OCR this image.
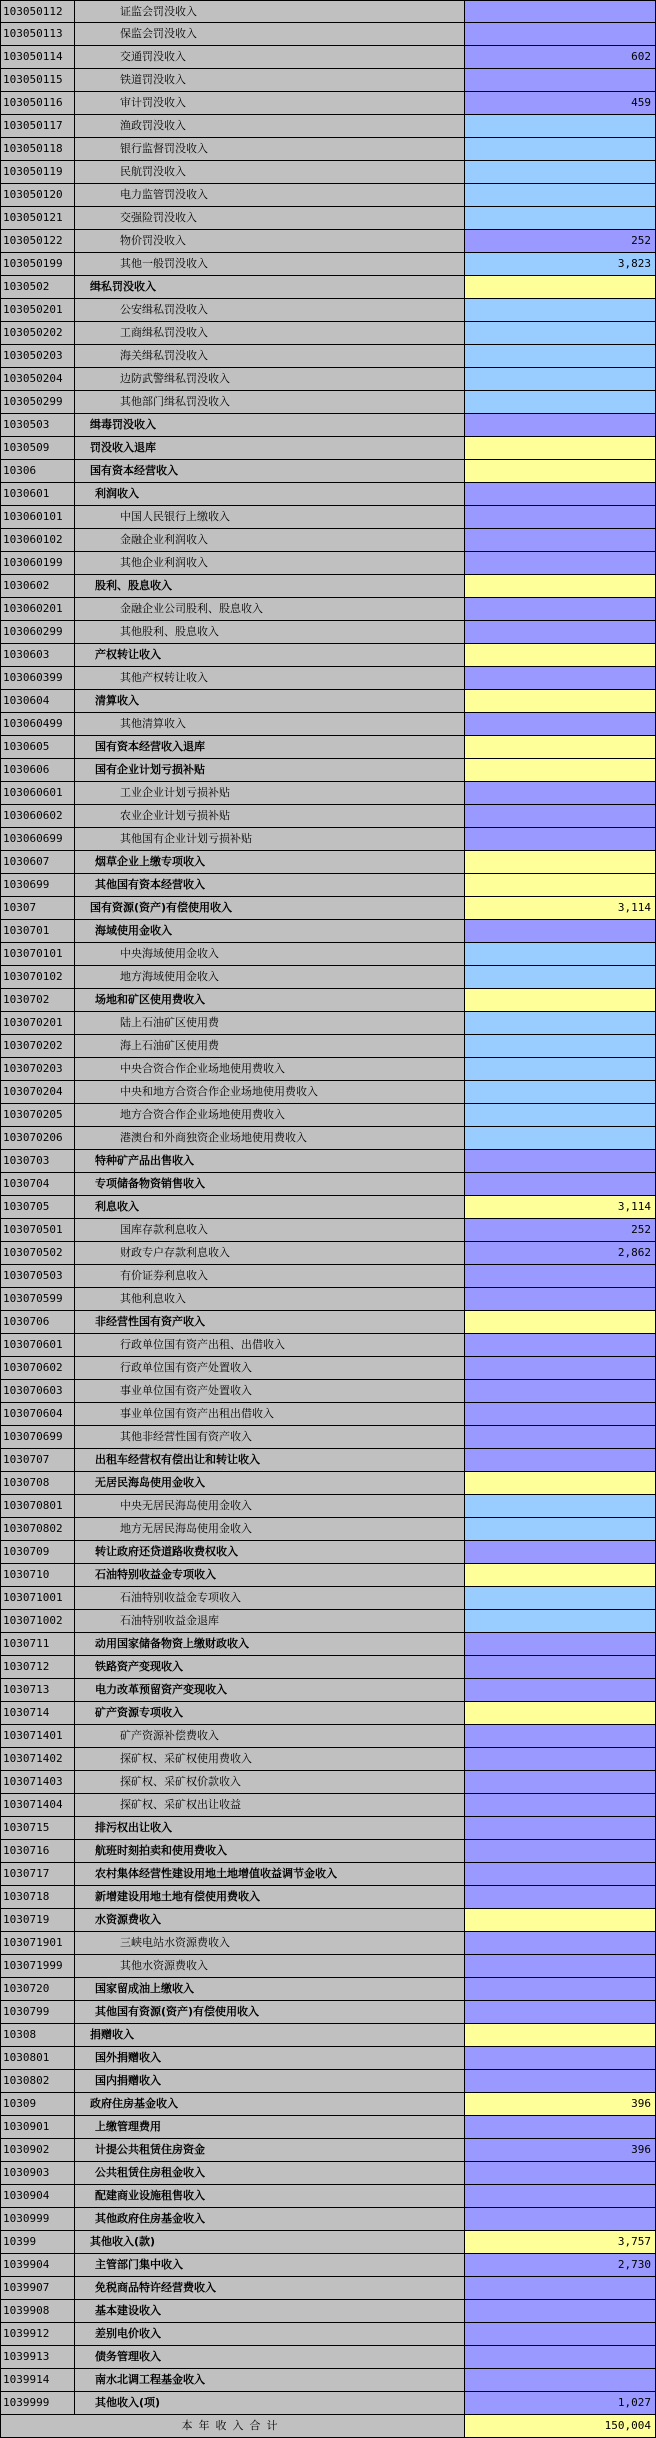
103050112	证监会罚没收入
103050113	保监会罚没收入
103050114	交通罚没收入	602
103050115	铁道罚没收入
103050116	审计罚没收入	459
103050117	渔政罚没收入
103050118	银行监督罚没收入
103050119	民航罚没收入
103050120	电力监管罚没收入
103050121	交强险罚没收入
103050122	物价罚没收入	252
103050199	其他一般罚没收入	3,823
1030502	缉私罚没收入
103050201	公安缉私罚没收入
103050202	工商缉私罚没收入
103050203	海关缉私罚没收入
103050204	边防武警缉私罚没收入
103050299	其他部门缉私罚没收入
1030503	缉毒罚没收入
1030509	罚没收入退库
10306	国有资本经营收入
1030601	利润收入
103060101	中国人民银行上缴收入
103060102	金融企业利润收入
103060199	其他企业利润收入
1030602	股利、股息收入
103060201	金融企业公司股利、股息收入
103060299	其他股利、股息收入
1030603	产权转让收入
103060399	其他产权转让收入
1030604	清算收入
103060499	其他清算收入
1030605	国有资本经营收入退库
1030606	国有企业计划亏损补贴
103060601	工业企业计划亏损补贴
103060602	农业企业计划亏损补贴
103060699	其他国有企业计划亏损补贴
1030607	烟草企业上缴专项收入
1030699	其他国有资本经营收入
10307	国有资源(资产)有偿使用收入	3,114
1030701	海域使用金收入
103070101	中央海域使用金收入
103070102	地方海域使用金收入
1030702	场地和矿区使用费收入
103070201	陆上石油矿区使用费
103070202	海上石油矿区使用费
103070203	中央合资合作企业场地使用费收入
103070204	中央和地方合资合作企业场地使用费收入
103070205	地方合资合作企业场地使用费收入
103070206	港澳台和外商独资企业场地使用费收入
1030703	特种矿产品出售收入
1030704	专项储备物资销售收入
1030705	利息收入	3,114
103070501	国库存款利息收入	252
103070502	财政专户存款利息收入	2,862
103070503	有价证券利息收入
103070599	其他利息收入
1030706	非经营性国有资产收入
103070601	行政单位国有资产出租、出借收入
103070602	行政单位国有资产处置收入
103070603	事业单位国有资产处置收入
103070604	事业单位国有资产出租出借收入
103070699	其他非经营性国有资产收入
1030707	出租车经营权有偿出让和转让收入
1030708	无居民海岛使用金收入
103070801	中央无居民海岛使用金收入
103070802	地方无居民海岛使用金收入
1030709	转让政府还贷道路收费权收入
1030710	石油特别收益金专项收入
103071001	石油特别收益金专项收入
103071002	石油特别收益金退库
1030711	动用国家储备物资上缴财政收入
1030712	铁路资产变现收入
1030713	电力改革预留资产变现收入
1030714	矿产资源专项收入
103071401	矿产资源补偿费收入
103071402	探矿权、采矿权使用费收入
103071403	探矿权、采矿权价款收入
103071404	探矿权、采矿权出让收益
1030715	排污权出让收入
1030716	航班时刻拍卖和使用费收入
1030717	农村集体经营性建设用地土地增值收益调节金收入
1030718	新增建设用地土地有偿使用费收入
1030719	水资源费收入
103071901	三峡电站水资源费收入
103071999	其他水资源费收入
1030720	国家留成油上缴收入
1030799	其他国有资源(资产)有偿使用收入
10308	捐赠收入
1030801	国外捐赠收入
1030802	国内捐赠收入
10309	政府住房基金收入	396
1030901	上缴管理费用
1030902	计提公共租赁住房资金	396
1030903	公共租赁住房租金收入
1030904	配建商业设施租售收入
1030999	其他政府住房基金收入
10399	其他收入(款)	3,757
1039904	主管部门集中收入	2,730
1039907	免税商品特许经营费收入
1039908	基本建设收入
1039912	差别电价收入
1039913	债务管理收入
1039914	南水北调工程基金收入
1039999	其他收入(项)	1,027
本年收入合计	150,004
